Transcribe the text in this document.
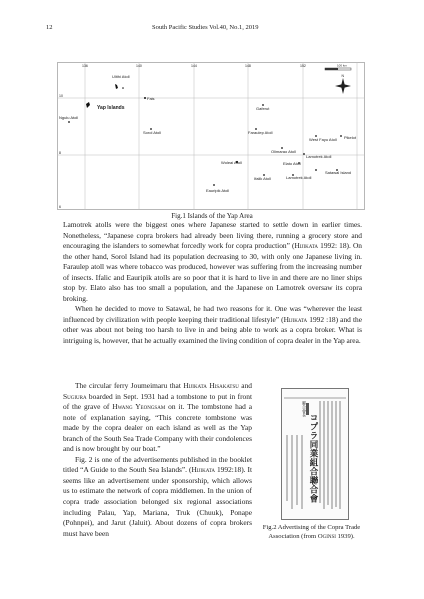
12	South Pacific Studies Vol.40, No.1, 2019
136	140	144	148	152
10
8
6
100 km
N
Ulithi Atoll
Fais
Yap Islands
Ngulu Atoll
Sorol Atoll
Gaferut
Faraulep Atoll
West Fayu Atoll Pikelot
Olimarao Atoll
Lamotrek Atoll
Elato Atoll
Woleai Atoll
Satawal Island
Ifalik Atoll	Lamotrek Atoll
Eauripik Atoll
Fig.1 Islands of the Yap Area

Lamotrek atolls were the biggest ones where Japanese started to settle down in earlier times. Nonetheless, “Japanese copra brokers had already been living there, running a grocery store and encouraging the islanders to somewhat forcedly work for copra production” (Hijikata 1992: 18). On the other hand, Sorol Island had its population decreasing to 30, with only one Japanese living in. Faraulep atoll was where tobacco was produced, however was suffering from the increasing number of insects. Ifalic and Eauripik atolls are so poor that it is hard to live in and there are no liner ships stop by. Elato also has too small a population, and the Japanese on Lamotrek oversaw its copra broking.

When he decided to move to Satawal, he had two reasons for it. One was “wherever the least influenced by civilization with people keeping their traditional lifestyle” (Hijikata 1992 :18) and the other was about not being too harsh to live in and being able to work as a copra broker. What is intriguing is, however, that he actually examined the living condition of copra dealer in the Yap area.

The circular ferry Joumeimaru that Hijikata Hisakatsu and Sugiura boarded in Sept. 1931 had a tombstone to put in front of the grave of Hwang Yeongsam on it. The tombstone had a note of explanation saying, “This concrete tombstone was made by the copra dealer on each island as well as the Yap branch of the South Sea Trade Company with their condolences and is now brought by our boat.”

Fig. 2 is one of the advertisements published in the booklet titled “A Guide to the South Sea Islands”. (Hijikata 1992:18). It seems like an advertisement under sponsorship, which allows us to estimate the network of copra middlemen. In the union of copra trade association belonged six regional associations including Palau, Yap, Mariana, Truk (Chuuk), Ponape (Pohnpei), and Jarut (Jaluit). About dozens of copra brokers must have been

コプラ同業組合聯合會
聯合會長
Fig.2 Advertising of the Copra Trade Association (from Oginsi 1939).
